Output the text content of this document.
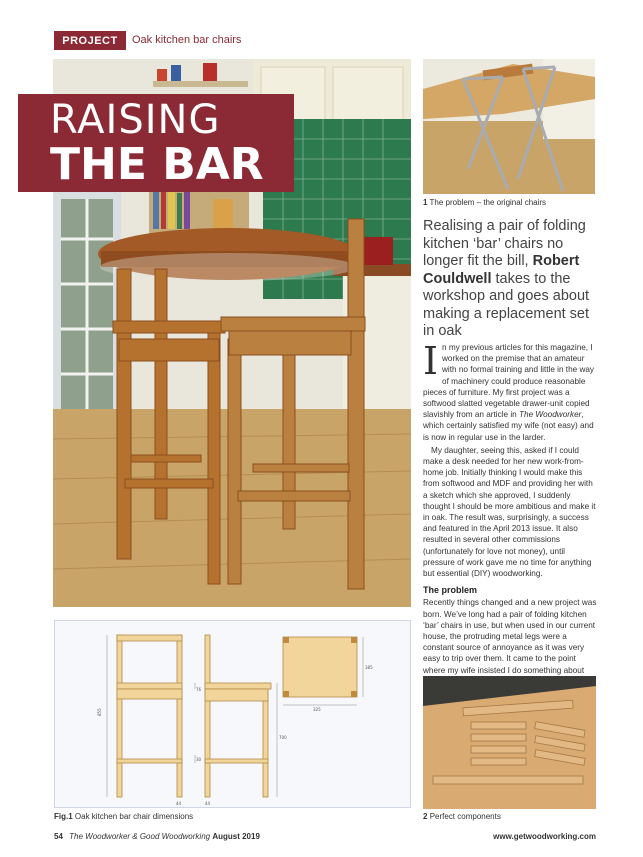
PROJECT	Oak kitchen bar chairs
RAISING
THE BAR
1 The problem – the original chairs
Realising a pair of folding kitchen ‘bar’ chairs no longer fit the bill, Robert Couldwell takes to the workshop and goes about making a replacement set in oak

In my previous articles for this magazine, I worked on the premise that an amateur with no formal training and little in the way of machinery could produce reasonable pieces of furniture. My first project was a softwood slatted vegetable drawer-unit copied slavishly from an article in The Woodworker, which certainly satisfied my wife (not easy) and is now in regular use in the larder.

My daughter, seeing this, asked if I could make a desk needed for her new work-from-home job. Initially thinking I would make this from softwood and MDF and providing her with a sketch which she approved, I suddenly thought I should be more ambitious and make it in oak. The result was, surprisingly, a success and featured in the April 2013 issue. It also resulted in several other commissions (unfortunately for love not money), until pressure of work gave me no time for anything but essential (DIY) woodworking.

The problem

Recently things changed and a new project was born. We’ve long had a pair of folding kitchen ‘bar’ chairs in use, but when used in our current house, the protruding metal legs were a constant source of annoyance as it was very easy to trip over them. It came to the point where my wife insisted I do something about

855
76
700
30
44	44
325
385
Fig.1 Oak kitchen bar chair dimensions	2 Perfect components
54 The Woodworker & Good Woodworking August 2019	www.getwoodworking.com
